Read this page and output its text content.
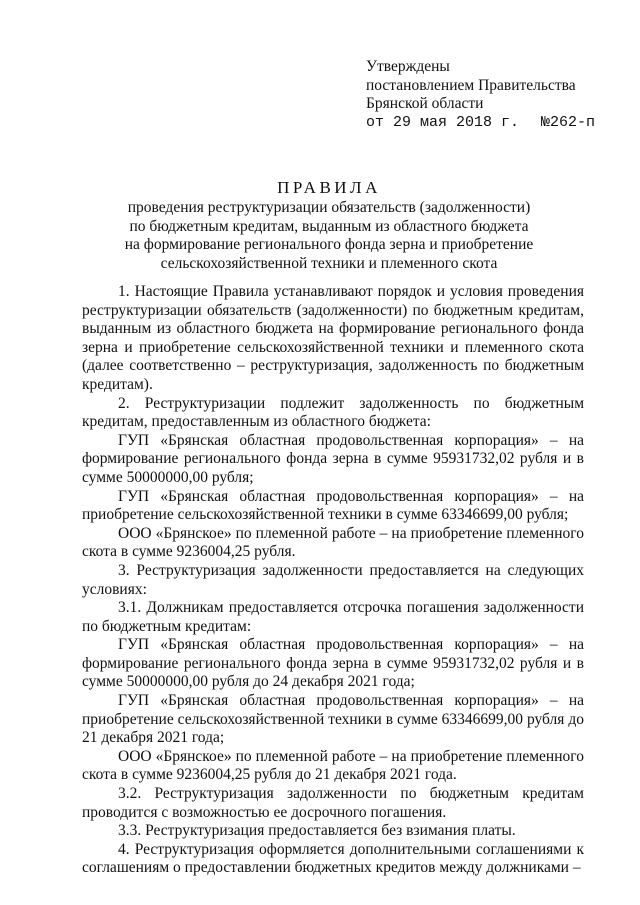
Утверждены
постановлением Правительства
Брянской области
от 29 мая 2018 г. №262-п
ПРАВИЛА
проведения реструктуризации обязательств (задолженности)
по бюджетным кредитам, выданным из областного бюджета
на формирование регионального фонда зерна и приобретение
сельскохозяйственной техники и племенного скота

1. Настоящие Правила устанавливают порядок и условия проведения реструктуризации обязательств (задолженности) по бюджетным кредитам, выданным из областного бюджета на формирование регионального фонда зерна и приобретение сельскохозяйственной техники и племенного скота (далее соответственно – реструктуризация, задолженность по бюджетным кредитам).

2. Реструктуризации подлежит задолженность по бюджетным кредитам, предоставленным из областного бюджета:

ГУП «Брянская областная продовольственная корпорация» – на формирование регионального фонда зерна в сумме 95931732,02 рубля и в сумме 50000000,00 рубля;

ГУП «Брянская областная продовольственная корпорация» – на приобретение сельскохозяйственной техники в сумме 63346699,00 рубля;

ООО «Брянское» по племенной работе – на приобретение племенного скота в сумме 9236004,25 рубля.

3. Реструктуризация задолженности предоставляется на следующих условиях:

3.1. Должникам предоставляется отсрочка погашения задолженности по бюджетным кредитам:

ГУП «Брянская областная продовольственная корпорация» – на формирование регионального фонда зерна в сумме 95931732,02 рубля и в сумме 50000000,00 рубля до 24 декабря 2021 года;

ГУП «Брянская областная продовольственная корпорация» – на приобретение сельскохозяйственной техники в сумме 63346699,00 рубля до 21 декабря 2021 года;

ООО «Брянское» по племенной работе – на приобретение племенного скота в сумме 9236004,25 рубля до 21 декабря 2021 года.

3.2. Реструктуризация задолженности по бюджетным кредитам проводится с возможностью ее досрочного погашения.

3.3. Реструктуризация предоставляется без взимания платы.

4. Реструктуризация оформляется дополнительными соглашениями к соглашениям о предоставлении бюджетных кредитов между должниками –
